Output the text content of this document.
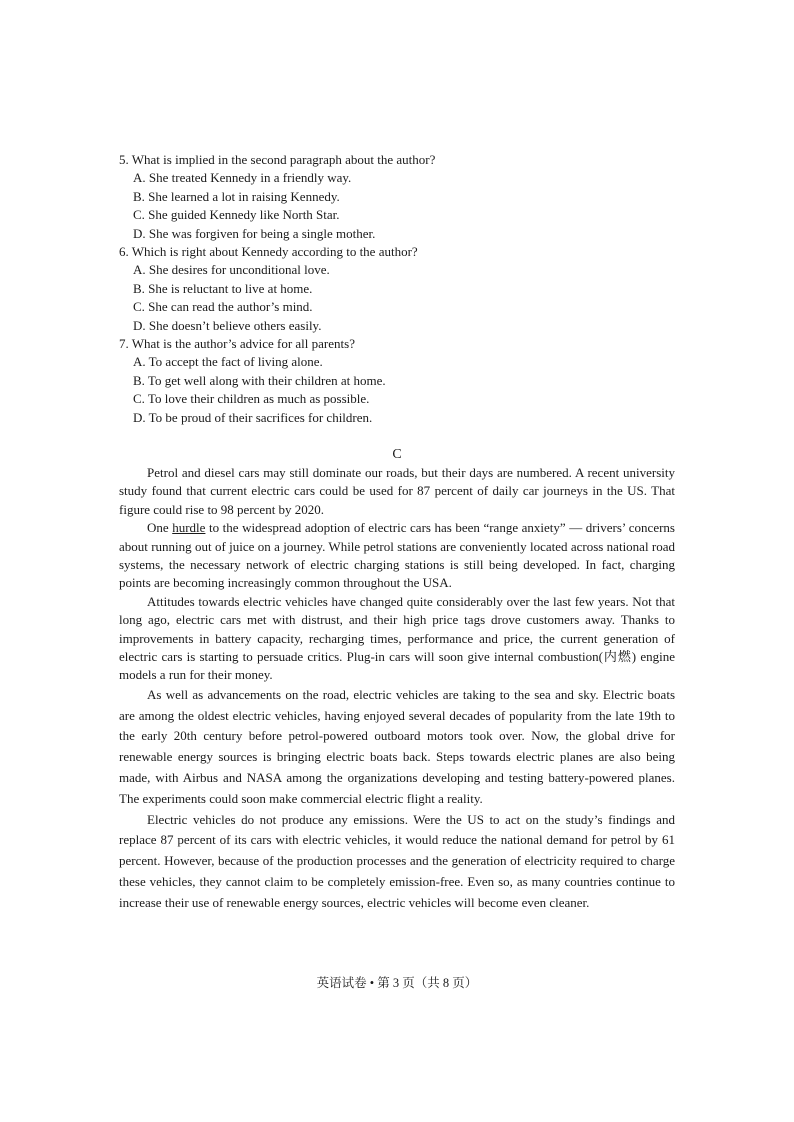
5. What is implied in the second paragraph about the author?

A. She treated Kennedy in a friendly way.

B. She learned a lot in raising Kennedy.

C. She guided Kennedy like North Star.

D. She was forgiven for being a single mother.

6. Which is right about Kennedy according to the author?

A. She desires for unconditional love.

B. She is reluctant to live at home.

C. She can read the author’s mind.

D. She doesn’t believe others easily.

7. What is the author’s advice for all parents?

A. To accept the fact of living alone.

B. To get well along with their children at home.

C. To love their children as much as possible.

D. To be proud of their sacrifices for children.

C

Petrol and diesel cars may still dominate our roads, but their days are numbered. A recent university study found that current electric cars could be used for 87 percent of daily car journeys in the US. That figure could rise to 98 percent by 2020.

One hurdle to the widespread adoption of electric cars has been “range anxiety” — drivers’ concerns about running out of juice on a journey. While petrol stations are conveniently located across national road systems, the necessary network of electric charging stations is still being developed. In fact, charging points are becoming increasingly common throughout the USA.

Attitudes towards electric vehicles have changed quite considerably over the last few years. Not that long ago, electric cars met with distrust, and their high price tags drove customers away. Thanks to improvements in battery capacity, recharging times, performance and price, the current generation of electric cars is starting to persuade critics. Plug-in cars will soon give internal combustion(内燃) engine models a run for their money.

As well as advancements on the road, electric vehicles are taking to the sea and sky. Electric boats are among the oldest electric vehicles, having enjoyed several decades of popularity from the late 19th to the early 20th century before petrol-powered outboard motors took over. Now, the global drive for renewable energy sources is bringing electric boats back. Steps towards electric planes are also being made, with Airbus and NASA among the organizations developing and testing battery-powered planes. The experiments could soon make commercial electric flight a reality.

Electric vehicles do not produce any emissions. Were the US to act on the study’s findings and replace 87 percent of its cars with electric vehicles, it would reduce the national demand for petrol by 61 percent. However, because of the production processes and the generation of electricity required to charge these vehicles, they cannot claim to be completely emission-free. Even so, as many countries continue to increase their use of renewable energy sources, electric vehicles will become even cleaner.

英语试卷 • 第 3 页（共 8 页）
